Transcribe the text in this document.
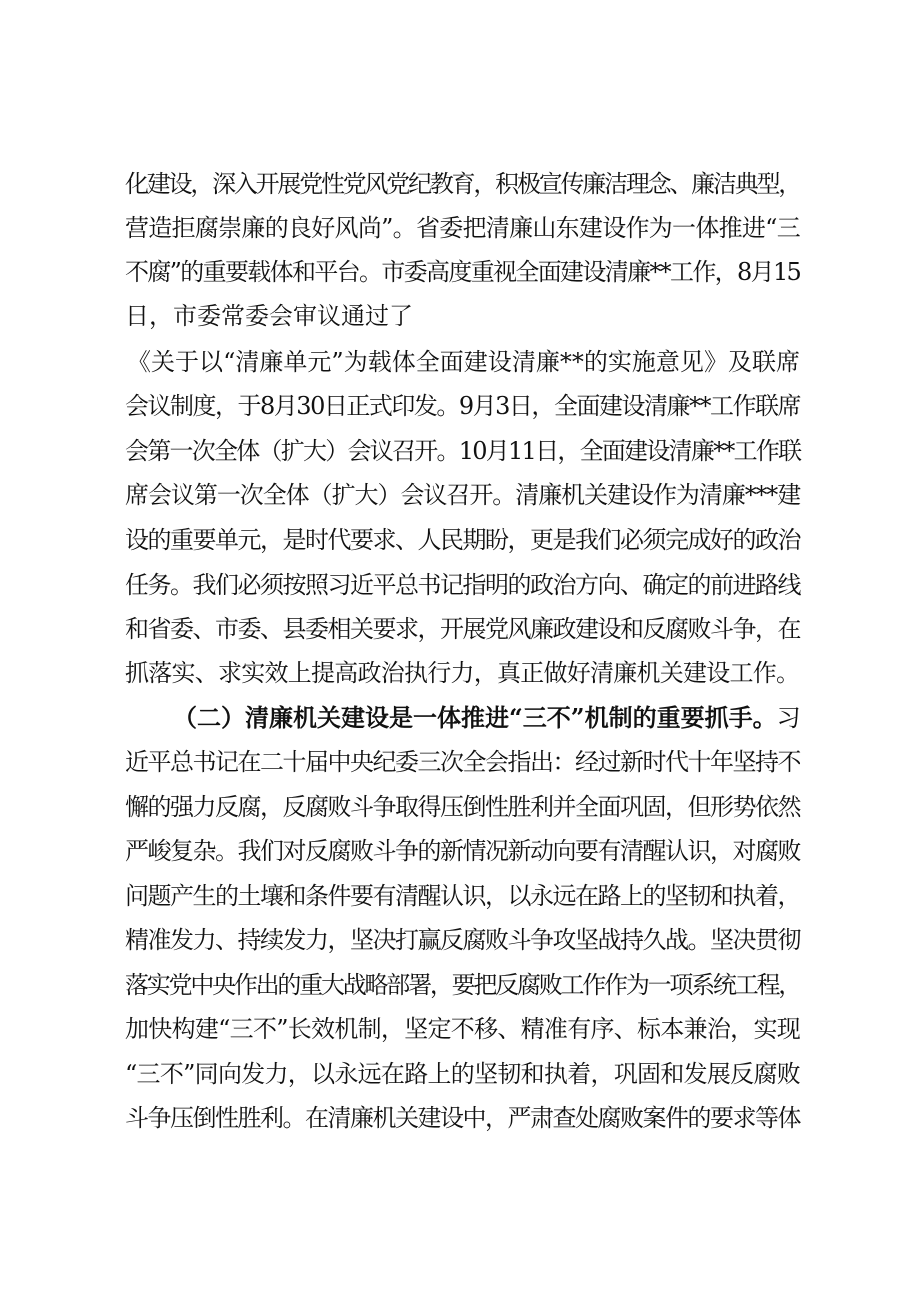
化建设，深入开展党性党风党纪教育，积极宣传廉洁理念、廉洁典型，
营造拒腐崇廉的良好风尚”。省委把清廉山东建设作为一体推进“三
不腐”的重要载体和平台。市委高度重视全面建设清廉**工作，8月15
日，市委常委会审议通过了
《关于以“清廉单元”为载体全面建设清廉**的实施意见》及联席
会议制度，于8月30日正式印发。9月3日，全面建设清廉**工作联席
会第一次全体（扩大）会议召开。10月11日，全面建设清廉**工作联
席会议第一次全体（扩大）会议召开。清廉机关建设作为清廉***建
设的重要单元，是时代要求、人民期盼，更是我们必须完成好的政治
任务。我们必须按照习近平总书记指明的政治方向、确定的前进路线
和省委、市委、县委相关要求，开展党风廉政建设和反腐败斗争，在
抓落实、求实效上提高政治执行力，真正做好清廉机关建设工作。
（二）清廉机关建设是一体推进“三不”机制的重要抓手。习
近平总书记在二十届中央纪委三次全会指出：经过新时代十年坚持不
懈的强力反腐，反腐败斗争取得压倒性胜利并全面巩固，但形势依然
严峻复杂。我们对反腐败斗争的新情况新动向要有清醒认识，对腐败
问题产生的土壤和条件要有清醒认识，以永远在路上的坚韧和执着，
精准发力、持续发力，坚决打赢反腐败斗争攻坚战持久战。坚决贯彻
落实党中央作出的重大战略部署，要把反腐败工作作为一项系统工程，
加快构建“三不”长效机制，坚定不移、精准有序、标本兼治，实现
“三不”同向发力，以永远在路上的坚韧和执着，巩固和发展反腐败
斗争压倒性胜利。在清廉机关建设中，严肃查处腐败案件的要求等体
